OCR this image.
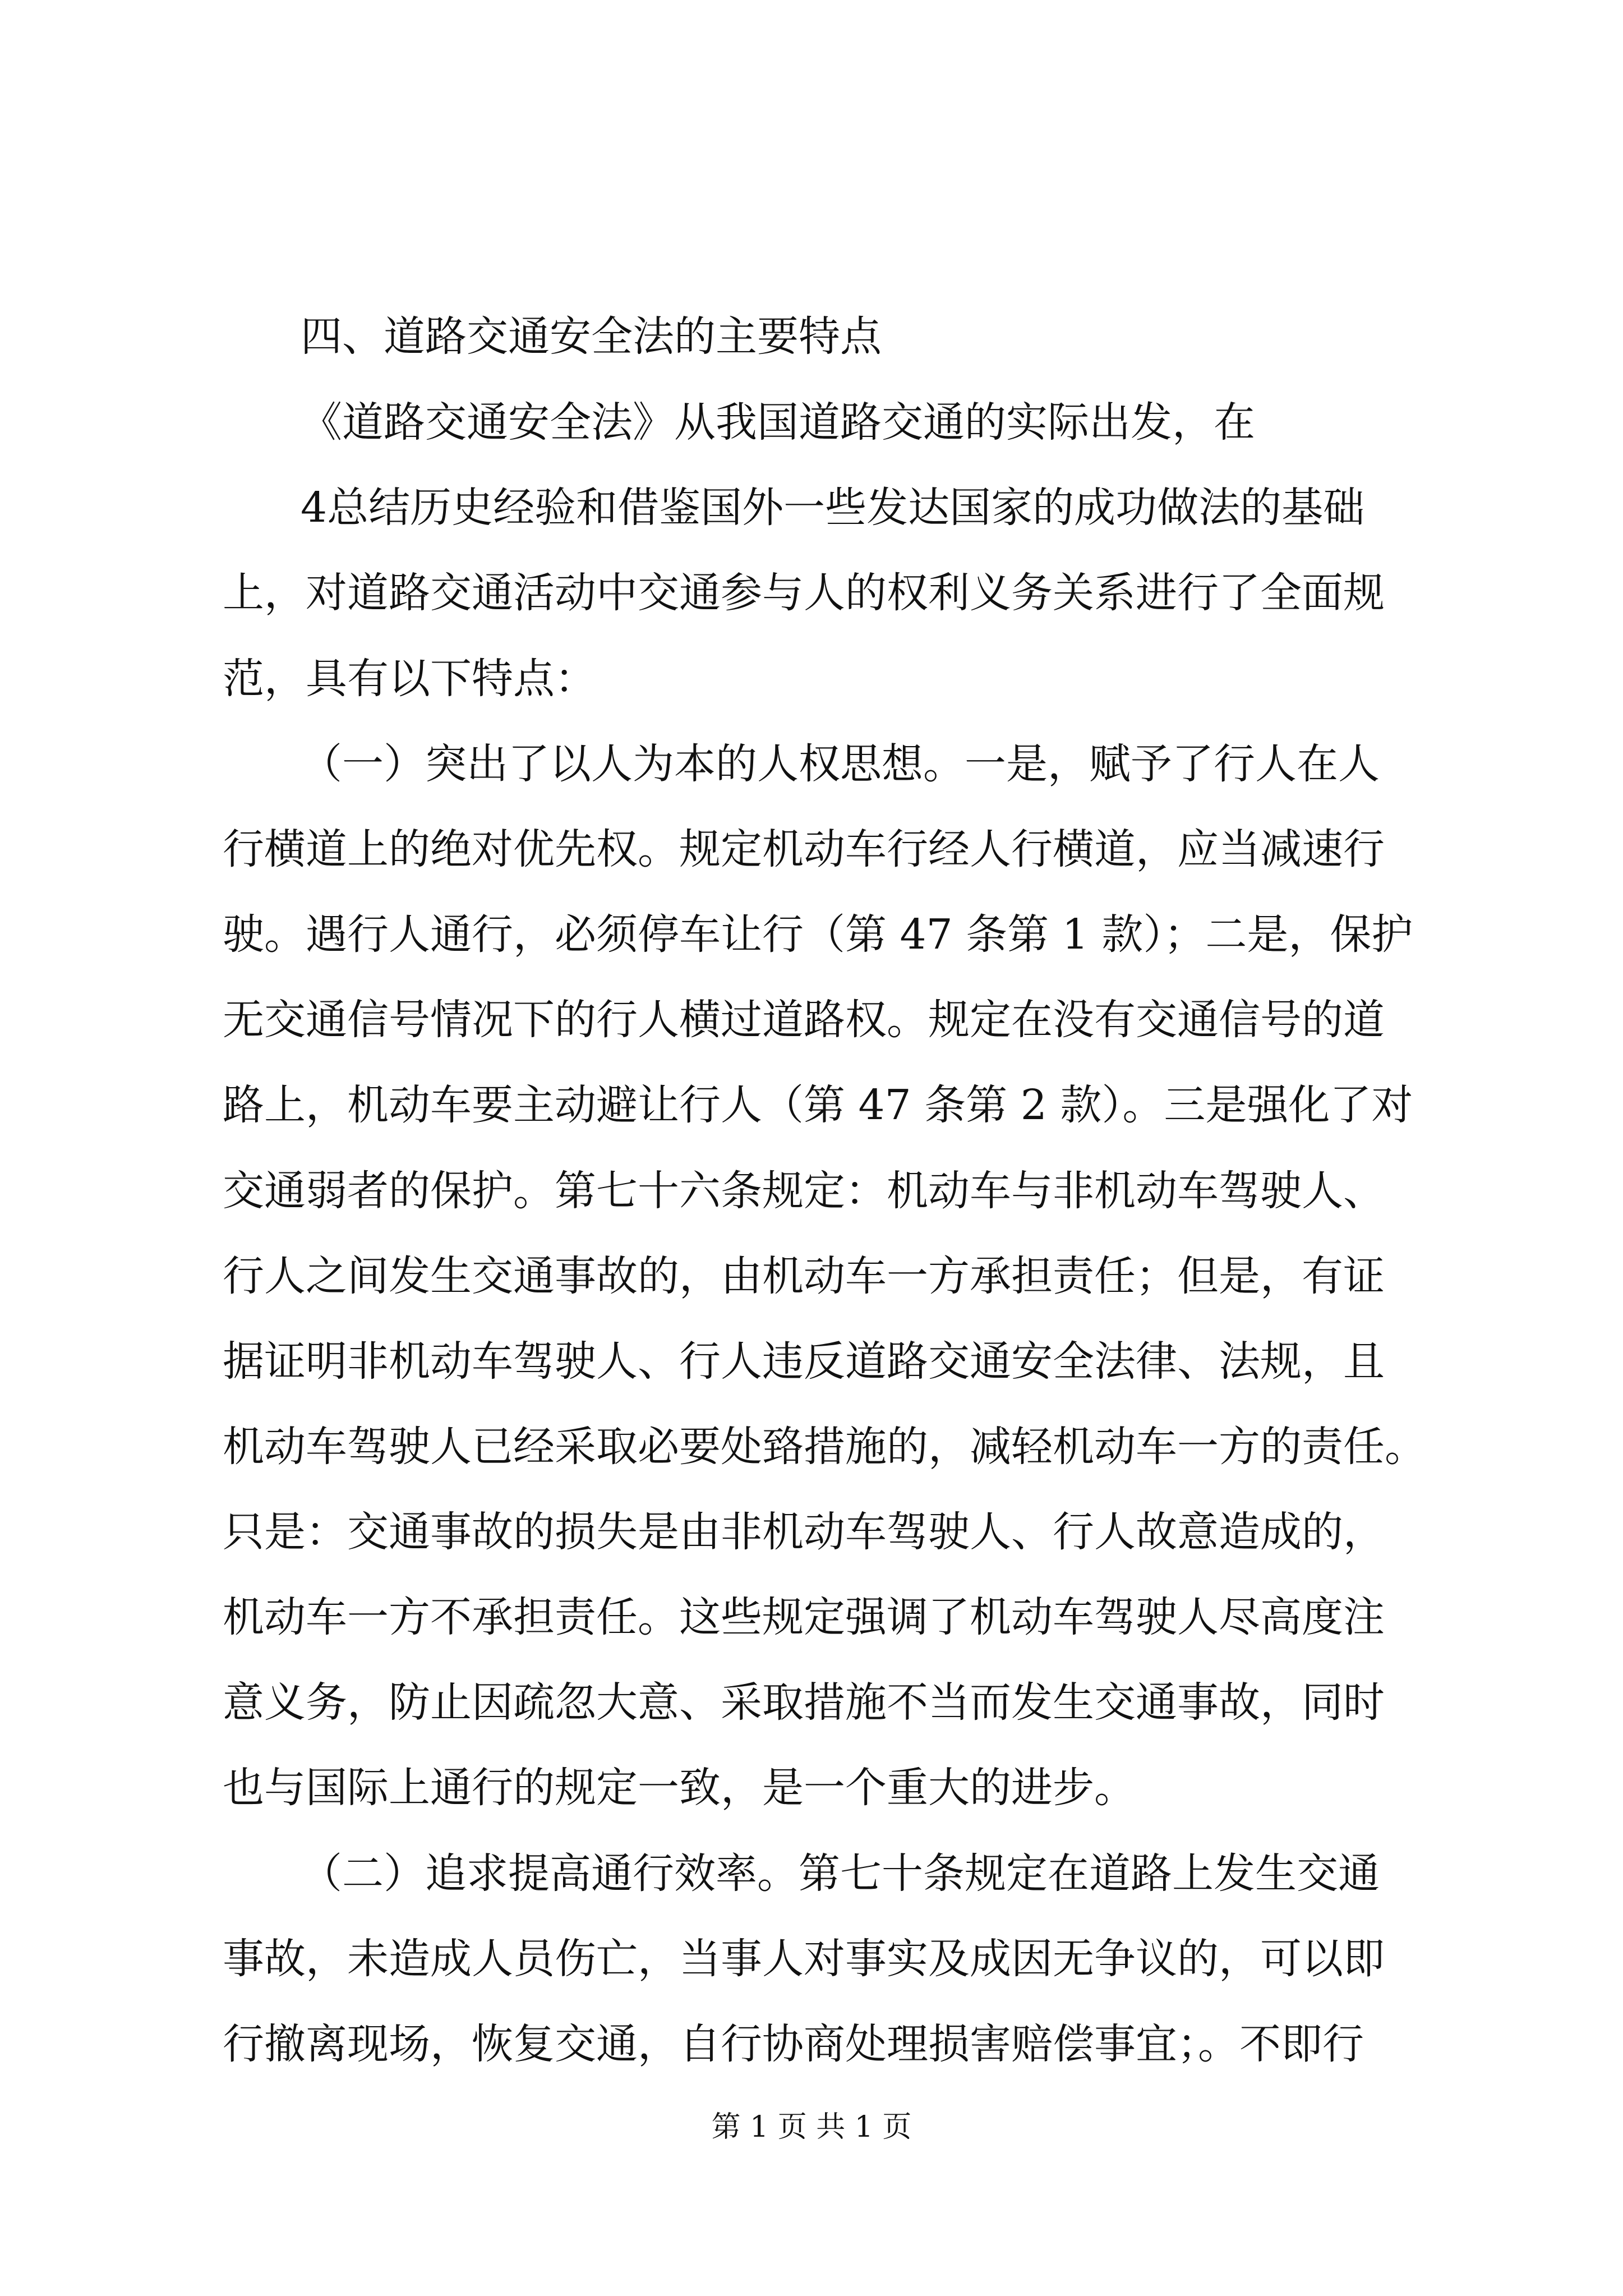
四、道路交通安全法的主要特点
《道路交通安全法》从我国道路交通的实际出发，在
4总结历史经验和借鉴国外一些发达国家的成功做法的基础
上，对道路交通活动中交通参与人的权利义务关系进行了全面规
范，具有以下特点：
（一）突出了以人为本的人权思想。一是，赋予了行人在人
行横道上的绝对优先权。规定机动车行经人行横道，应当减速行
驶。遇行人通行，必须停车让行（第 47 条第 1 款）；二是，保护
无交通信号情况下的行人横过道路权。规定在没有交通信号的道
路上，机动车要主动避让行人（第 47 条第 2 款）。三是强化了对
交通弱者的保护。第七十六条规定：机动车与非机动车驾驶人、
行人之间发生交通事故的，由机动车一方承担责任；但是，有证
据证明非机动车驾驶人、行人违反道路交通安全法律、法规，且
机动车驾驶人已经采取必要处臵措施的，减轻机动车一方的责任。
只是：交通事故的损失是由非机动车驾驶人、行人故意造成的，
机动车一方不承担责任。这些规定强调了机动车驾驶人尽高度注
意义务，防止因疏忽大意、采取措施不当而发生交通事故，同时
也与国际上通行的规定一致，是一个重大的进步。
（二）追求提高通行效率。第七十条规定在道路上发生交通
事故，未造成人员伤亡，当事人对事实及成因无争议的，可以即
行撤离现场，恢复交通，自行协商处理损害赔偿事宜；。不即行
第 1 页 共 1 页
